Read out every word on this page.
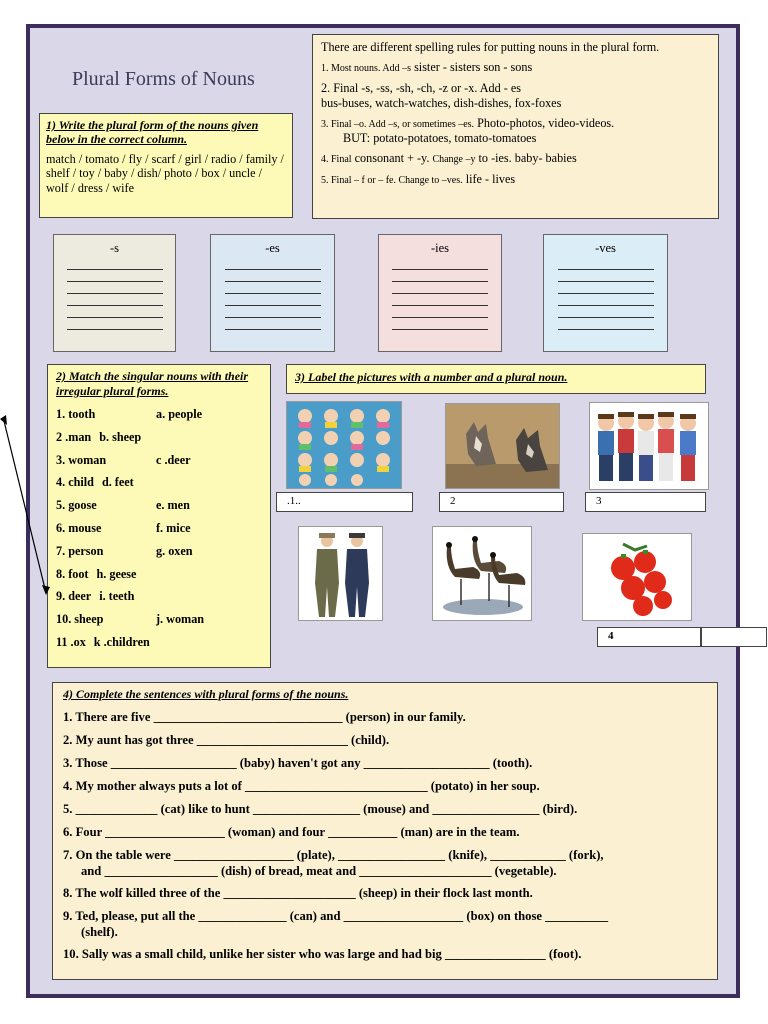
Plural Forms of Nouns
There are different spelling rules for putting nouns in the plural form.
1. Most nouns. Add –s sister - sisters son - sons
2. Final -s, -ss, -sh, -ch, -z or -x. Add - es
bus-buses, watch-watches, dish-dishes, fox-foxes
3. Final –o. Add –s, or sometimes –es. Photo-photos, video-videos.
BUT: potato-potatoes, tomato-tomatoes
4. Final consonant + -y. Change –y to -ies. baby- babies
5. Final – f or – fe. Change to –ves. life - lives
1) Write the plural form of the nouns given below in the correct column.
match / tomato / fly / scarf / girl / radio / family / shelf / toy / baby / dish/ photo / box / uncle / wolf / dress / wife
-s	-es	-ies	-ves
2) Match the singular nouns with their irregular plural forms.
1. tooth	a. people
2 .man b. sheep
3. woman	c .deer
4. child d. feet
5. goose	e. men
6. mouse	f. mice
7. person	g. oxen
8. foot h. geese
9. deer i. teeth
10. sheep	j. woman
11 .ox k .children
3) Label the pictures with a number and a plural noun.
.1..	2	3
4
4) Complete the sentences with plural forms of the nouns.
1. There are five ______________________________ (person) in our family.
2. My aunt has got three ________________________ (child).
3. Those ____________________ (baby) haven't got any ____________________ (tooth).
4. My mother always puts a lot of _____________________________ (potato) in her soup.
5. _____________ (cat) like to hunt _________________ (mouse) and _________________ (bird).
6. Four ___________________ (woman) and four ___________ (man) are in the team.
7. On the table were ___________________ (plate), _________________ (knife), ____________ (fork),
and __________________ (dish) of bread, meat and _____________________ (vegetable).
8. The wolf killed three of the _____________________ (sheep) in their flock last month.
9. Ted, please, put all the ______________ (can) and ___________________ (box) on those __________
(shelf).
10. Sally was a small child, unlike her sister who was large and had big ________________ (foot).
